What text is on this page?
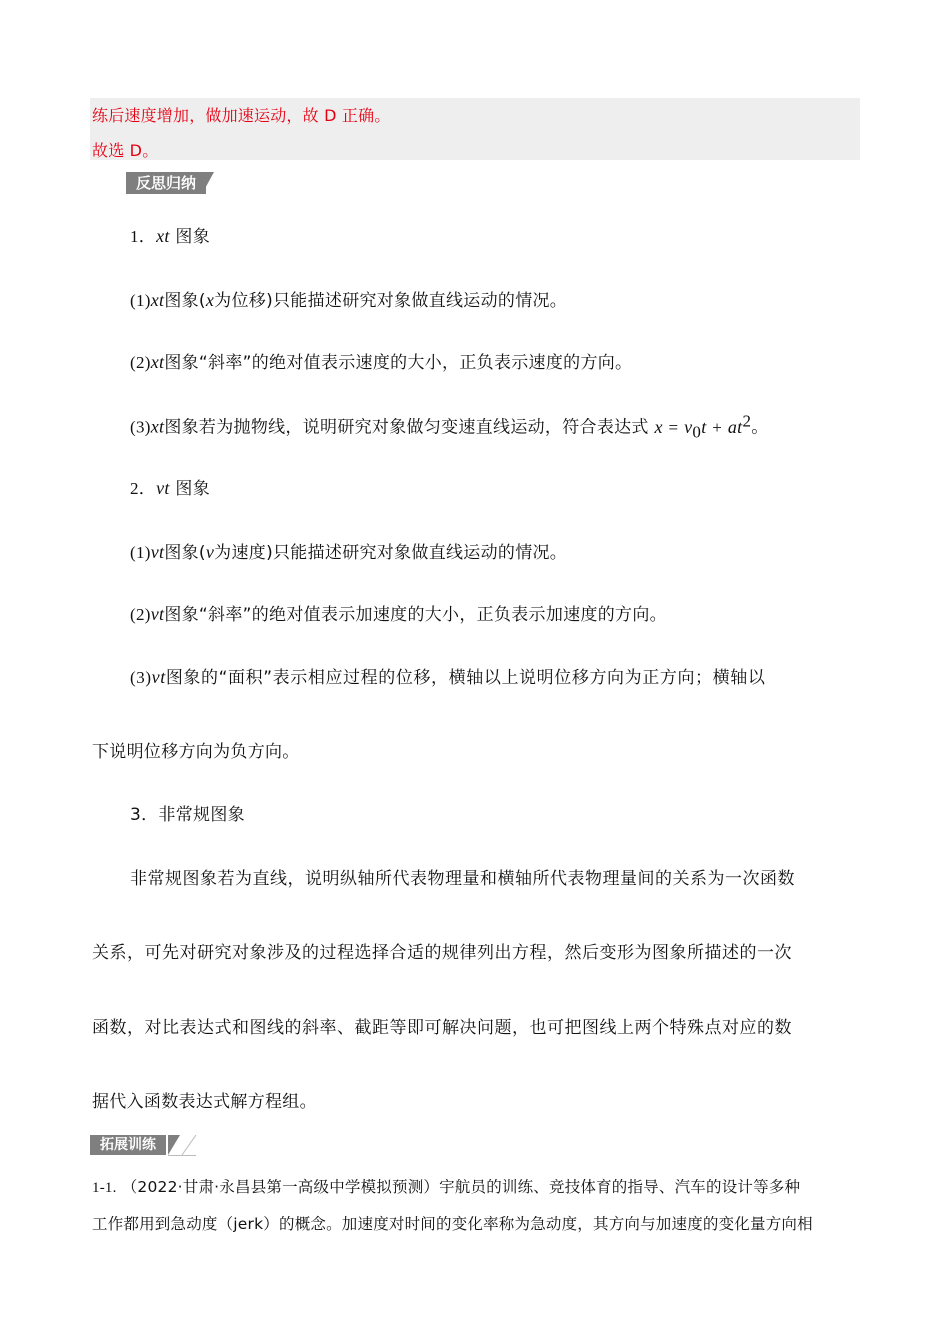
练后速度增加，做加速运动，故 D 正确。
故选 D。
反思归纳
1．xt 图象
(1)xt图象(x为位移)只能描述研究对象做直线运动的情况。
(2)xt图象“斜率”的绝对值表示速度的大小，正负表示速度的方向。
(3)xt图象若为抛物线，说明研究对象做匀变速直线运动，符合表达式 $x = v_0t + at^2$。
2．vt 图象
(1)vt图象(v为速度)只能描述研究对象做直线运动的情况。
(2)vt图象“斜率”的绝对值表示加速度的大小，正负表示加速度的方向。
(3)vt图象的“面积”表示相应过程的位移，横轴以上说明位移方向为正方向；横轴以
下说明位移方向为负方向。
3．非常规图象
非常规图象若为直线，说明纵轴所代表物理量和横轴所代表物理量间的关系为一次函数
关系，可先对研究对象涉及的过程选择合适的规律列出方程，然后变形为图象所描述的一次
函数，对比表达式和图线的斜率、截距等即可解决问题，也可把图线上两个特殊点对应的数
据代入函数表达式解方程组。
拓展训练
1-1. （2022·甘肃·永昌县第一高级中学模拟预测）宇航员的训练、竞技体育的指导、汽车的设计等多种
工作都用到急动度（jerk）的概念。加速度对时间的变化率称为急动度，其方向与加速度的变化量方向相
